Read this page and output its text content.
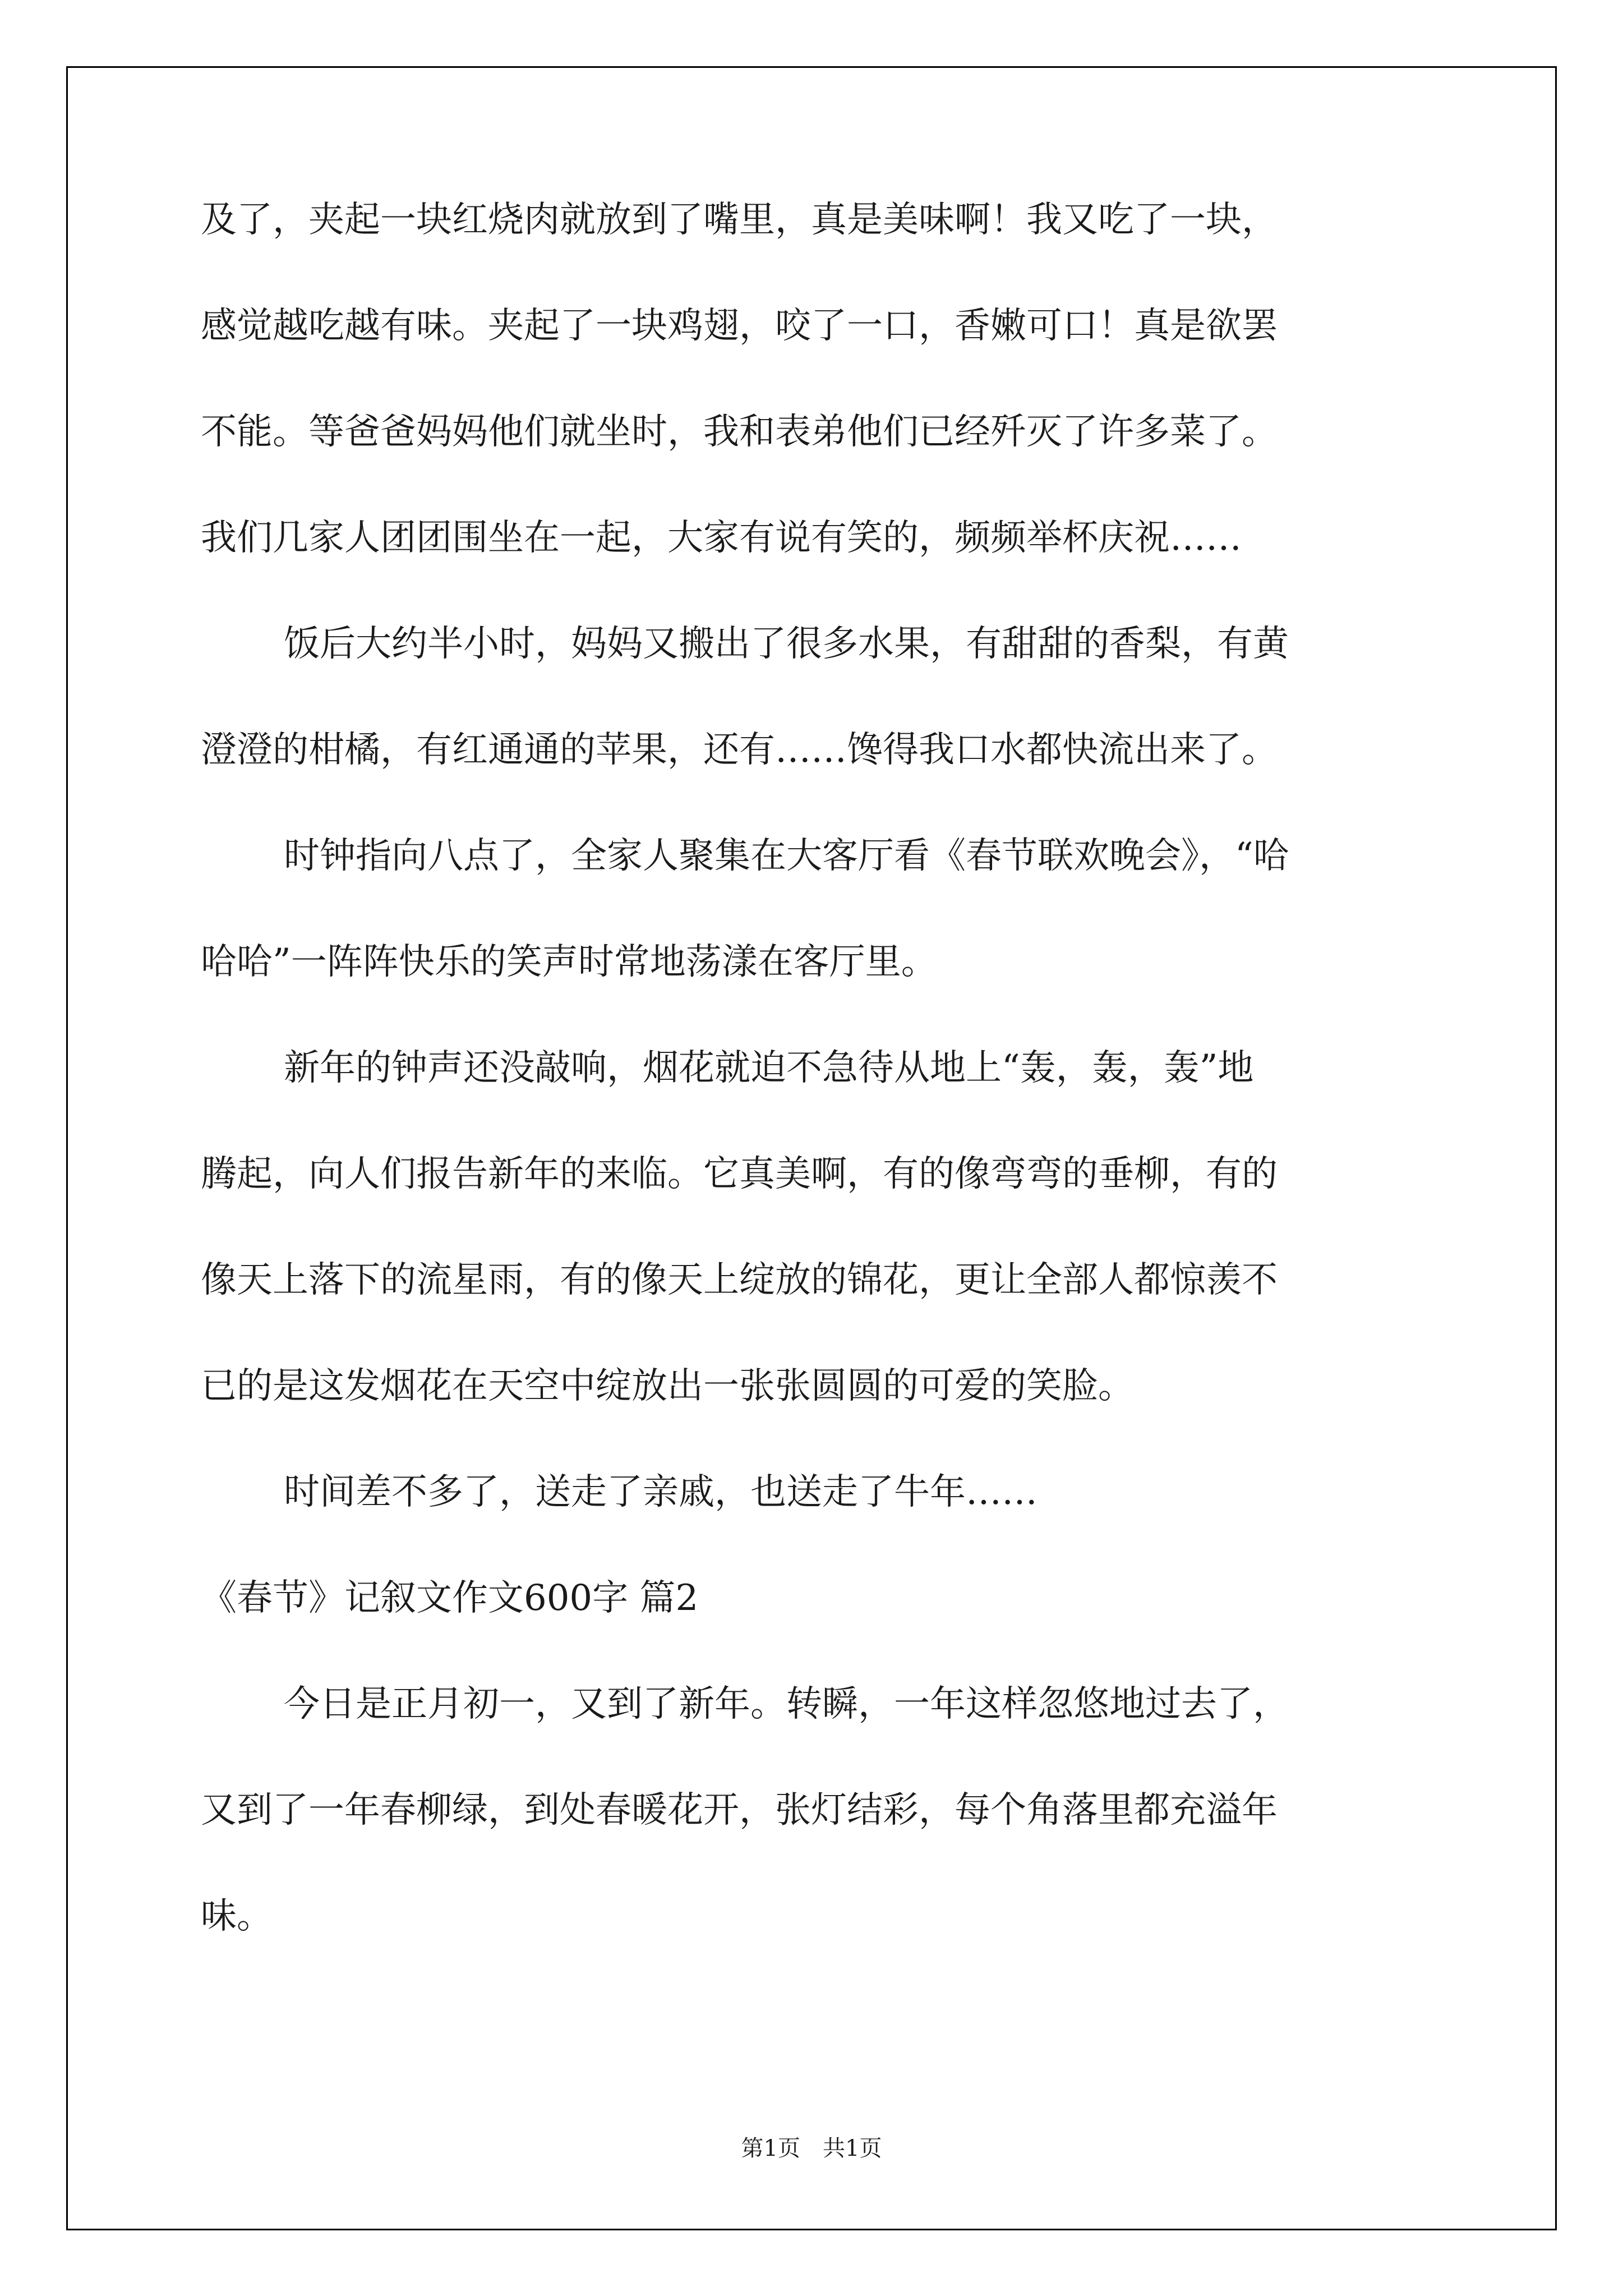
及了，夹起一块红烧肉就放到了嘴里，真是美味啊！我又吃了一块，
感觉越吃越有味。夹起了一块鸡翅，咬了一口，香嫩可口！真是欲罢
不能。等爸爸妈妈他们就坐时，我和表弟他们已经歼灭了许多菜了。
我们几家人团团围坐在一起，大家有说有笑的，频频举杯庆祝……
饭后大约半小时，妈妈又搬出了很多水果，有甜甜的香梨，有黄
澄澄的柑橘，有红通通的苹果，还有……馋得我口水都快流出来了。
时钟指向八点了，全家人聚集在大客厅看《春节联欢晚会》，“哈
哈哈”一阵阵快乐的笑声时常地荡漾在客厅里。
新年的钟声还没敲响，烟花就迫不急待从地上“轰，轰，轰”地
腾起，向人们报告新年的来临。它真美啊，有的像弯弯的垂柳，有的
像天上落下的流星雨，有的像天上绽放的锦花，更让全部人都惊羡不
已的是这发烟花在天空中绽放出一张张圆圆的可爱的笑脸。
时间差不多了，送走了亲戚，也送走了牛年……
《春节》记叙文作文600字 篇2
今日是正月初一，又到了新年。转瞬，一年这样忽悠地过去了，
又到了一年春柳绿，到处春暖花开，张灯结彩，每个角落里都充溢年
味。
第1页　共1页
